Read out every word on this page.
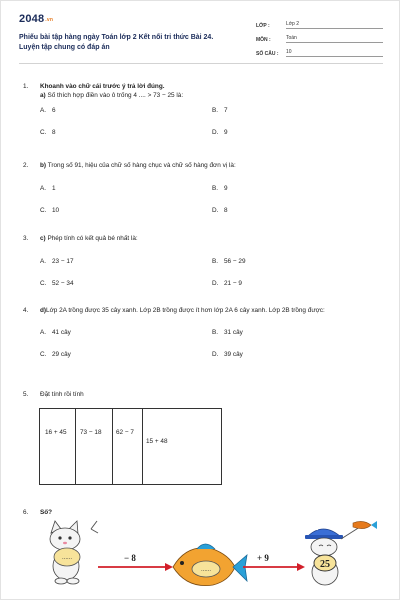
2048.vn
Phiếu bài tập hàng ngày Toán lớp 2 Kết nối tri thức Bài 24.
Luyện tập chung có đáp án
LỚP :	Lớp 2
MÔN :	Toán
SỐ CÂU :	10
1.	Khoanh vào chữ cái trước ý trả lời đúng.
a) Số thích hợp điền vào ô trống 4 .... > 73 − 25 là:
A. 6	B. 7
C. 8	D. 9
2.	b) Trong số 91, hiệu của chữ số hàng chục và chữ số hàng đơn vị là:
A. 1	B. 9
C. 10	D. 8
3.	c) Phép tính có kết quả bé nhất là:
A. 23 − 17	B. 56 − 29
C. 52 − 34	D. 21 − 9
4.	d)Lớp 2A trồng được 35 cây xanh. Lớp 2B trồng được ít hơn lớp 2A 6 cây xanh. Lớp 2B trồng được:
A. 41 cây	B. 31 cây
C. 29 cây	D. 39 cây
5.	Đặt tính rồi tính
16 + 45 73 − 18 62 − 7
15 + 48
6.	Số?
......	− 8
......
+ 9
25
